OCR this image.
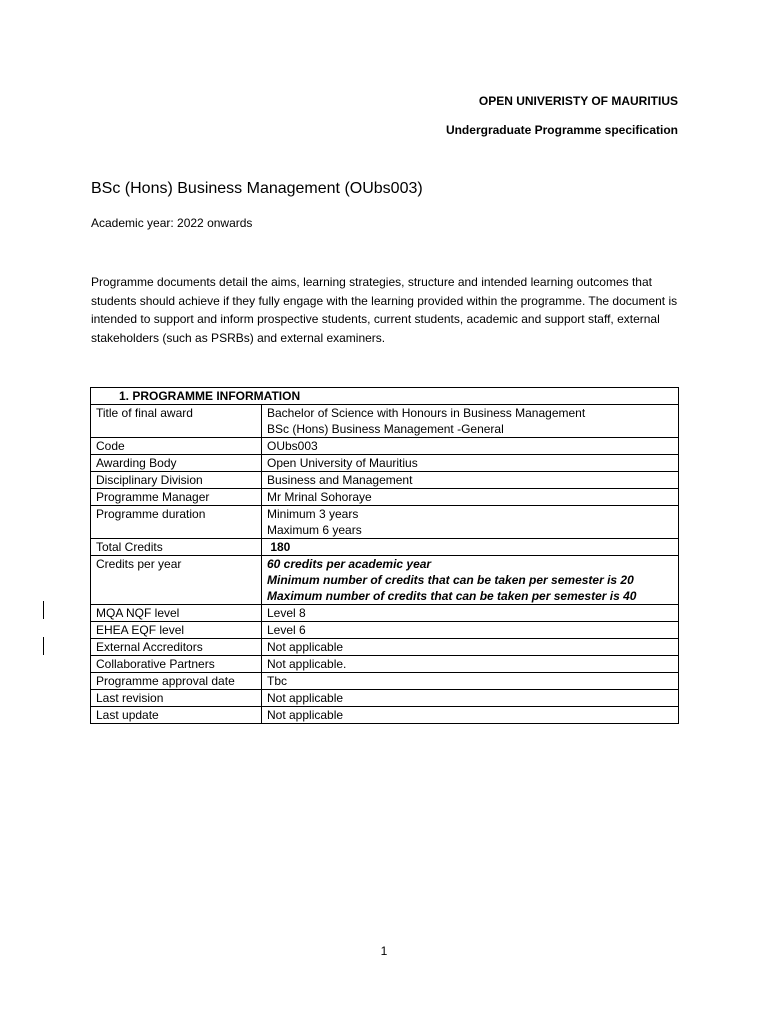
OPEN UNIVERISTY OF MAURITIUS
Undergraduate Programme specification
BSc (Hons) Business Management (OUbs003)
Academic year: 2022 onwards
Programme documents detail the aims, learning strategies, structure and intended learning outcomes that students should achieve if they fully engage with the learning provided within the programme. The document is intended to support and inform prospective students, current students, academic and support staff, external stakeholders (such as PSRBs) and external examiners.
1. PROGRAMME INFORMATION	
Title of final award	Bachelor of Science with Honours in Business Management
BSc (Hons) Business Management -General

Code	OUbs003
Awarding Body	Open University of Mauritius
Disciplinary Division	Business and Management
Programme Manager	Mr Mrinal Sohoraye
Programme duration	Minimum 3 years
Maximum 6 years

Total Credits	180
Credits per year	60 credits per academic year
Minimum number of credits that can be taken per semester is 20
Maximum number of credits that can be taken per semester is 40

MQA NQF level	Level 8
EHEA EQF level	Level 6
External Accreditors	Not applicable
Collaborative Partners	Not applicable.
Programme approval date	Tbc
Last revision	Not applicable
Last update	Not applicable
1
